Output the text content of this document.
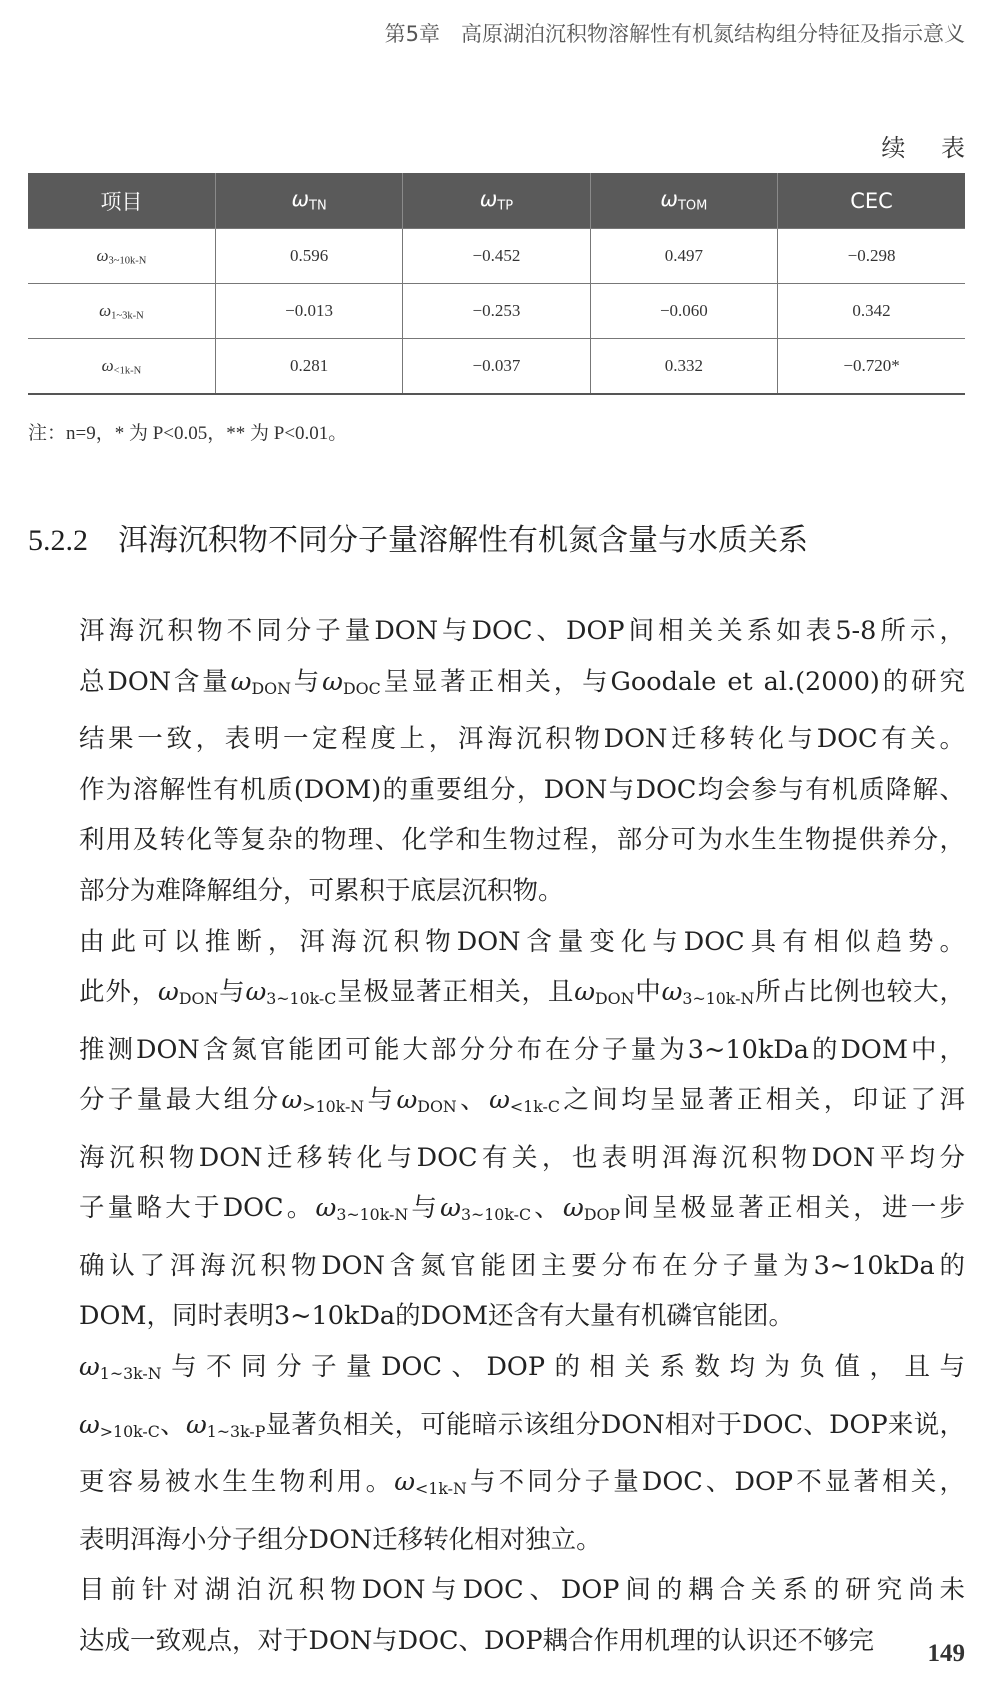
第5章　高原湖泊沉积物溶解性有机氮结构组分特征及指示意义
续 表
项目	$\omega_{TN}$	$\omega_{TP}$	$\omega_{TOM}$	CEC
$\omega_{3\sim 10k-N}$	0.596	−0.452	0.497	−0.298
$\omega_{1\sim 3k-N}$	−0.013	−0.253	−0.060	0.342
$\omega_{<1k-N}$	0.281	−0.037	0.332	−0.720*
注：n=9，* 为 P<0.05，** 为 P<0.01。
5.2.2 洱海沉积物不同分子量溶解性有机氮含量与水质关系

洱海沉积物不同分子量DON与DOC、DOP间相关关系如表5-8所示，
总DON含量$\omega_{DON}$与$\omega_{DOC}$呈显著正相关，与Goodale et al.(2000)的研究
结果一致，表明一定程度上，洱海沉积物DON迁移转化与DOC有关。
作为溶解性有机质(DOM)的重要组分，DON与DOC均会参与有机质降解、
利用及转化等复杂的物理、化学和生物过程，部分可为水生生物提供养分，
部分为难降解组分，可累积于底层沉积物。

由此可以推断，洱海沉积物DON含量变化与DOC具有相似趋势。
此外，$\omega_{DON}$与$\omega_{3\sim 10k-C}$呈极显著正相关，且$\omega_{DON}$中$\omega_{3\sim 10k-N}$所占比例也较大，
推测DON含氮官能团可能大部分分布在分子量为3~10kDa的DOM中，
分子量最大组分$\omega_{>10k-N}$与$\omega_{DON}$、$\omega_{<1k-C}$之间均呈显著正相关，印证了洱
海沉积物DON迁移转化与DOC有关，也表明洱海沉积物DON平均分
子量略大于DOC。$\omega_{3\sim 10k-N}$与$\omega_{3\sim 10k-C}$、$\omega_{DOP}$间呈极显著正相关，进一步
确认了洱海沉积物DON含氮官能团主要分布在分子量为3~10kDa的
DOM，同时表明3~10kDa的DOM还含有大量有机磷官能团。

$\omega_{1\sim 3k-N}$与不同分子量DOC、DOP的相关系数均为负值，且与
$\omega_{>10k-C}$、$\omega_{1\sim 3k-P}$显著负相关，可能暗示该组分DON相对于DOC、DOP来说，
更容易被水生生物利用。$\omega_{<1k-N}$与不同分子量DOC、DOP不显著相关，
表明洱海小分子组分DON迁移转化相对独立。

目前针对湖泊沉积物DON与DOC、DOP间的耦合关系的研究尚未
达成一致观点，对于DON与DOC、DOP耦合作用机理的认识还不够完	149
